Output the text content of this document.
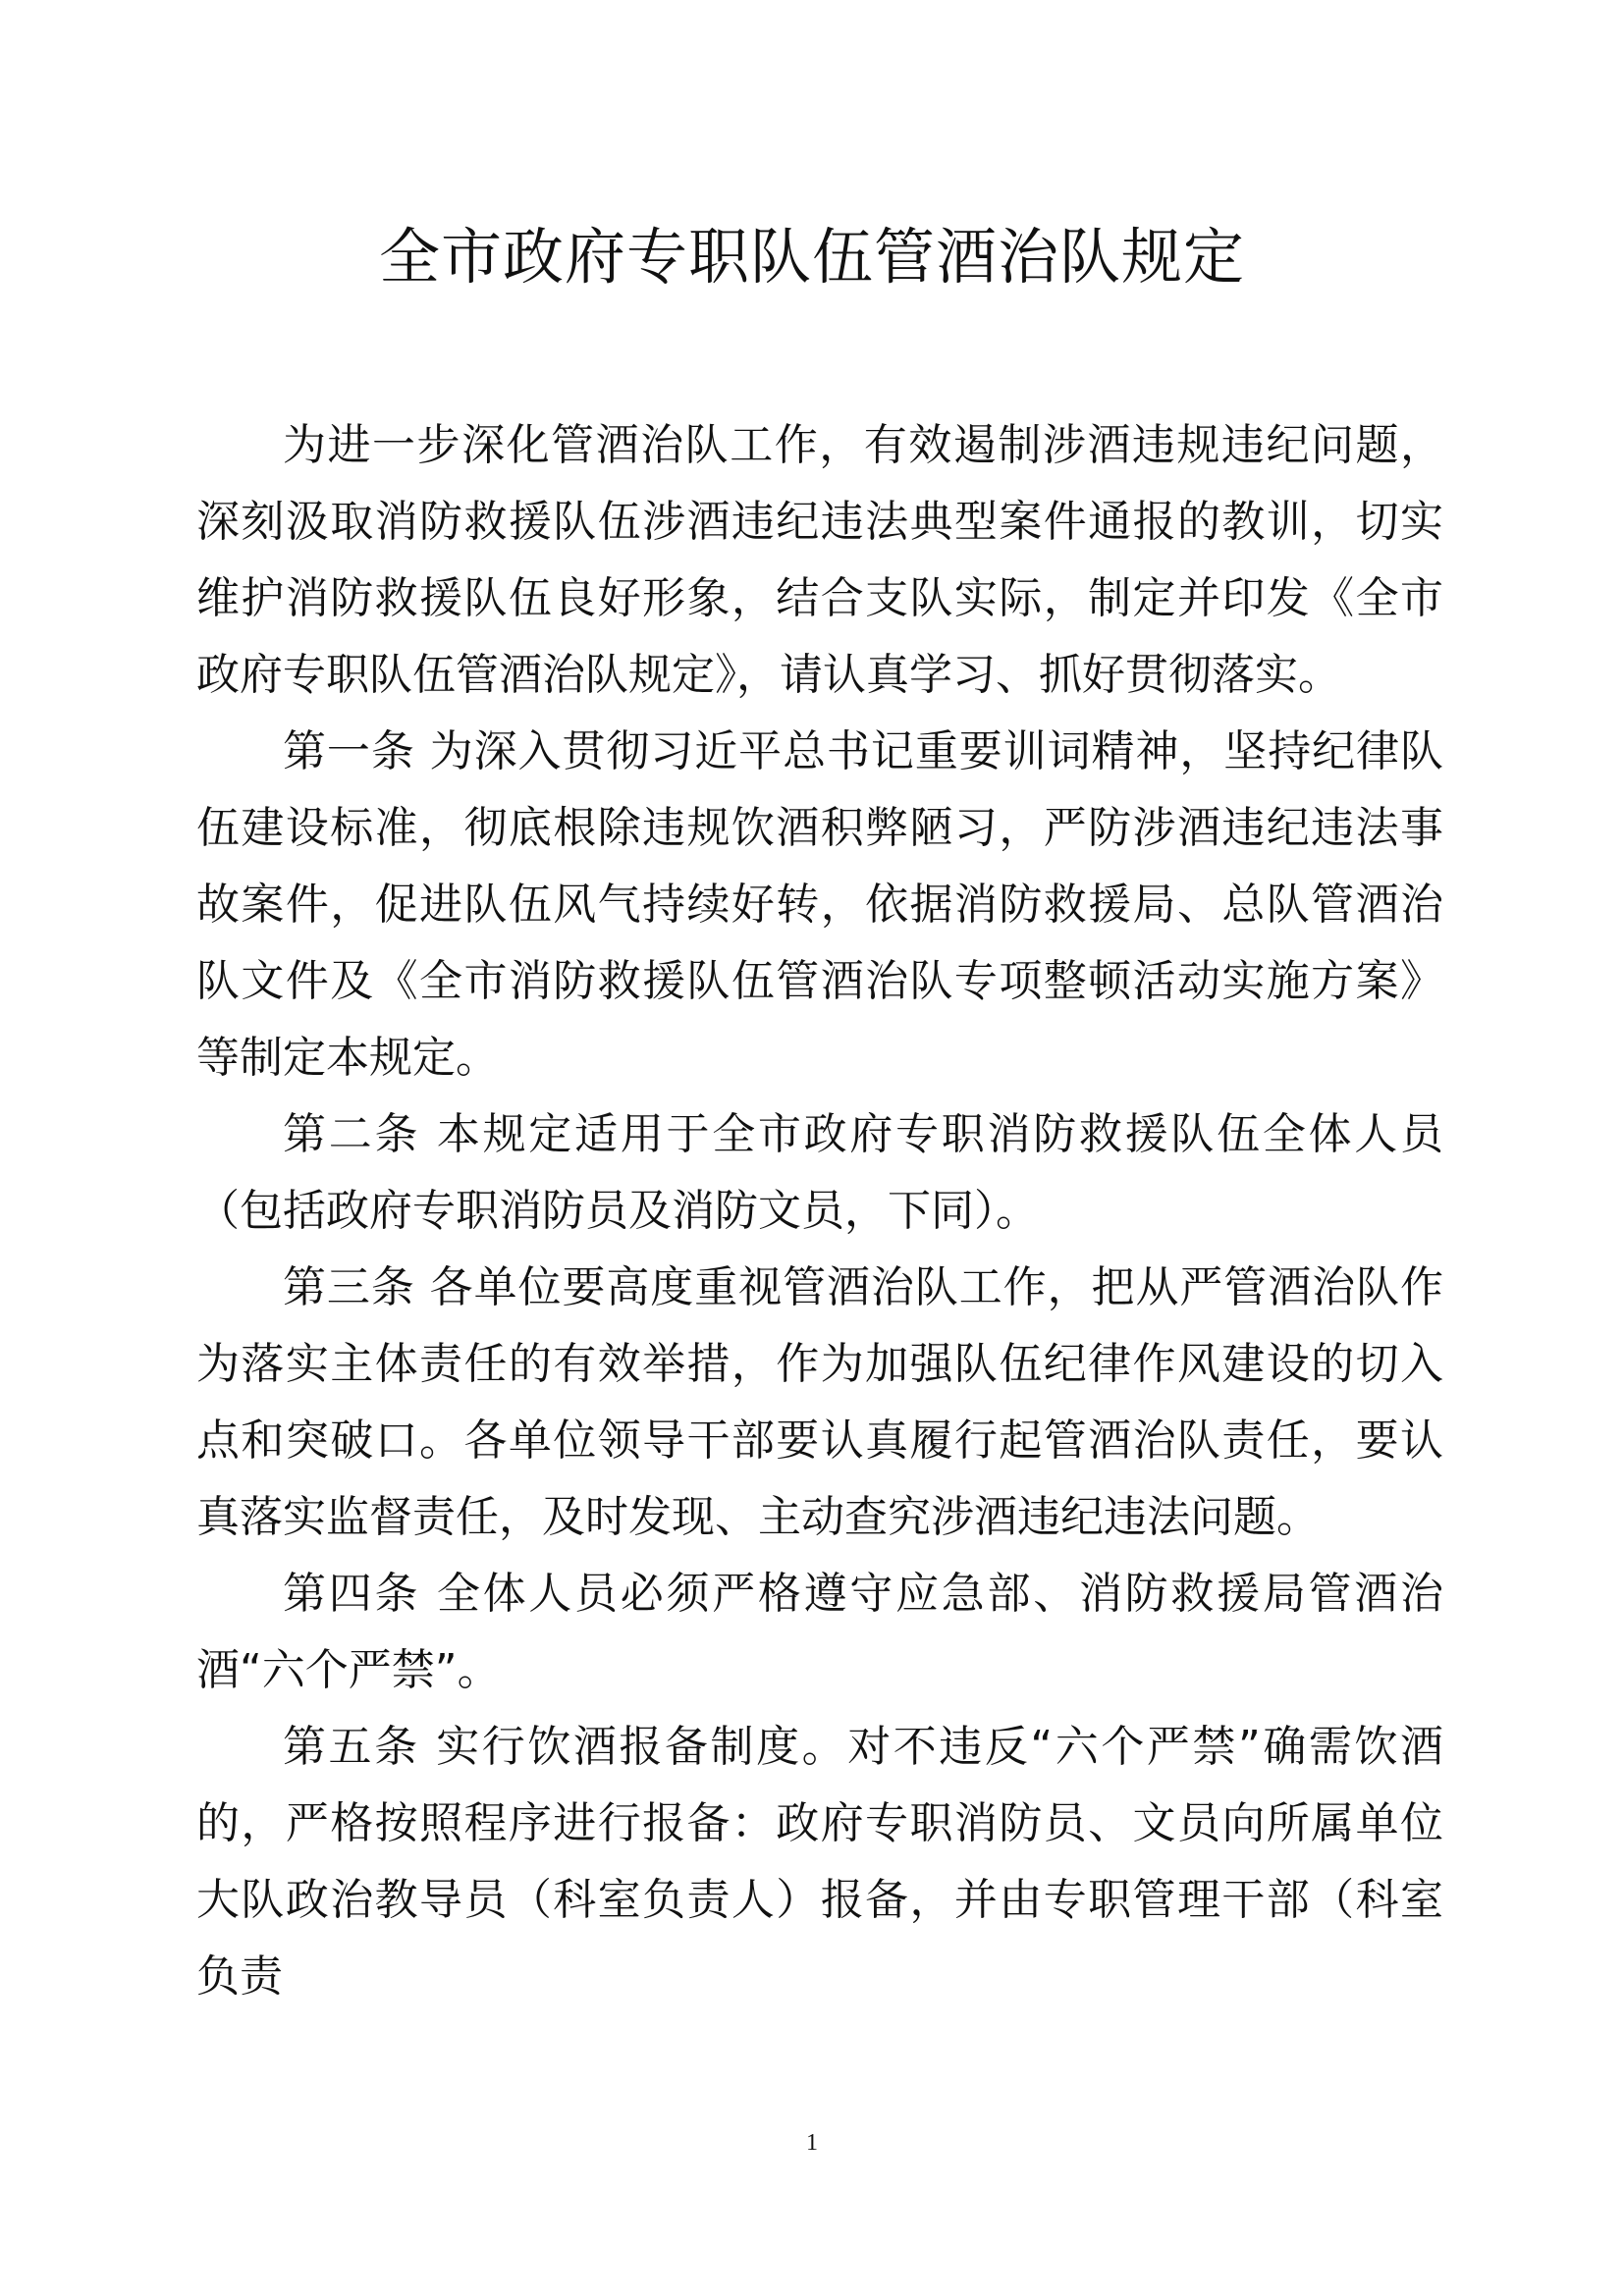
全市政府专职队伍管酒治队规定

为进一步深化管酒治队工作，有效遏制涉酒违规违纪问题，深刻汲取消防救援队伍涉酒违纪违法典型案件通报的教训，切实维护消防救援队伍良好形象，结合支队实际，制定并印发《全市政府专职队伍管酒治队规定》，请认真学习、抓好贯彻落实。

第一条 为深入贯彻习近平总书记重要训词精神，坚持纪律队伍建设标准，彻底根除违规饮酒积弊陋习，严防涉酒违纪违法事故案件，促进队伍风气持续好转，依据消防救援局、总队管酒治队文件及《全市消防救援队伍管酒治队专项整顿活动实施方案》等制定本规定。

第二条 本规定适用于全市政府专职消防救援队伍全体人员（包括政府专职消防员及消防文员，下同）。

第三条 各单位要高度重视管酒治队工作，把从严管酒治队作为落实主体责任的有效举措，作为加强队伍纪律作风建设的切入点和突破口。各单位领导干部要认真履行起管酒治队责任，要认真落实监督责任，及时发现、主动查究涉酒违纪违法问题。

第四条 全体人员必须严格遵守应急部、消防救援局管酒治酒“六个严禁”。

第五条 实行饮酒报备制度。对不违反“六个严禁”确需饮酒的，严格按照程序进行报备：政府专职消防员、文员向所属单位大队政治教导员（科室负责人）报备，并由专职管理干部（科室负责

1
